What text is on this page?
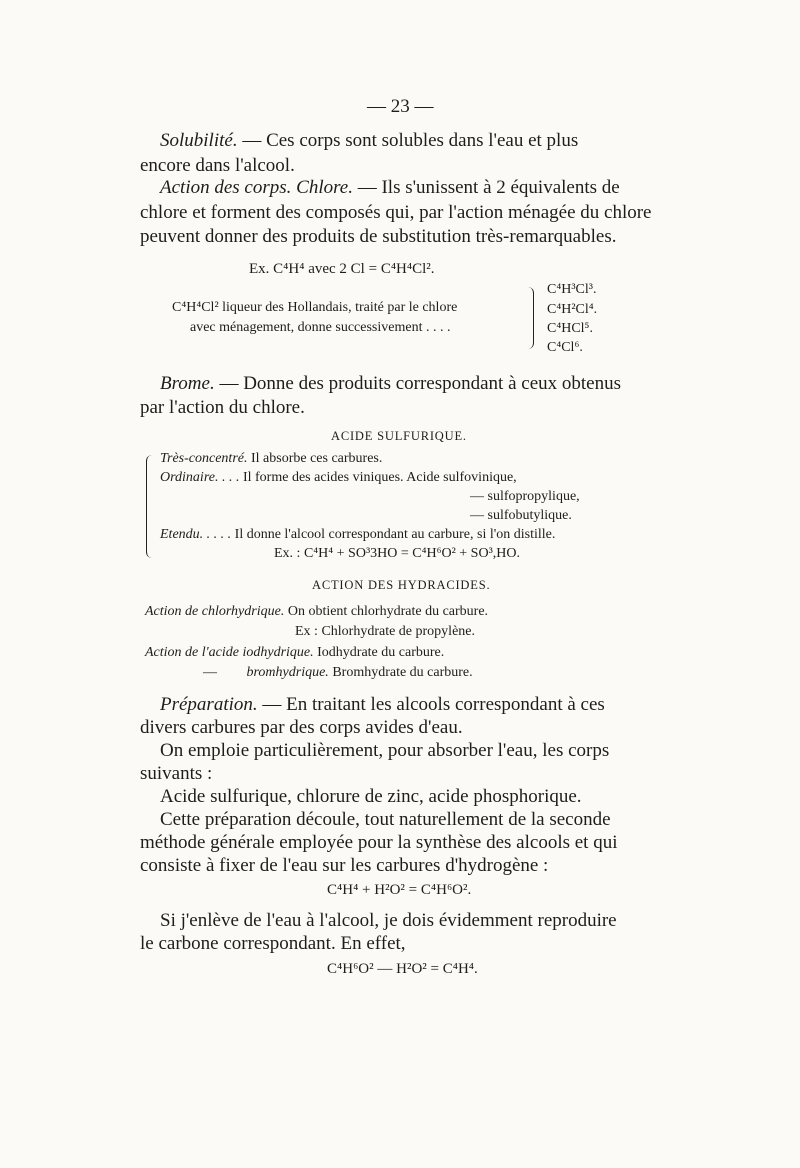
— 23 —
Solubilité. — Ces corps sont solubles dans l'eau et plus
encore dans l'alcool.
Action des corps. Chlore. — Ils s'unissent à 2 équivalents de
chlore et forment des composés qui, par l'action ménagée du chlore
peuvent donner des produits de substitution très-remarquables.
Ex. C⁴H⁴ avec 2 Cl = C⁴H⁴Cl².
C⁴H⁴Cl² liqueur des Hollandais, traité par le chlore
avec ménagement, donne successivement . . . .
C⁴H³Cl³.
C⁴H²Cl⁴.
C⁴HCl⁵.
C⁴Cl⁶.
Brome. — Donne des produits correspondant à ceux obtenus
par l'action du chlore.
ACIDE SULFURIQUE.
Très-concentré. Il absorbe ces carbures.
Ordinaire. . . . Il forme des acides viniques. Acide sulfovinique,
— sulfopropylique,
— sulfobutylique.
Etendu. . . . . Il donne l'alcool correspondant au carbure, si l'on distille.
Ex. : C⁴H⁴ + SO³3HO = C⁴H⁶O² + SO³,HO.
ACTION DES HYDRACIDES.
Action de chlorhydrique. On obtient chlorhydrate du carbure.
Ex : Chlorhydrate de propylène.
Action de l'acide iodhydrique. Iodhydrate du carbure.
— bromhydrique. Bromhydrate du carbure.
Préparation. — En traitant les alcools correspondant à ces
divers carbures par des corps avides d'eau.
On emploie particulièrement, pour absorber l'eau, les corps
suivants :
Acide sulfurique, chlorure de zinc, acide phosphorique.
Cette préparation découle, tout naturellement de la seconde
méthode générale employée pour la synthèse des alcools et qui
consiste à fixer de l'eau sur les carbures d'hydrogène :
C⁴H⁴ + H²O² = C⁴H⁶O².
Si j'enlève de l'eau à l'alcool, je dois évidemment reproduire
le carbone correspondant. En effet,
C⁴H⁶O² — H²O² = C⁴H⁴.
